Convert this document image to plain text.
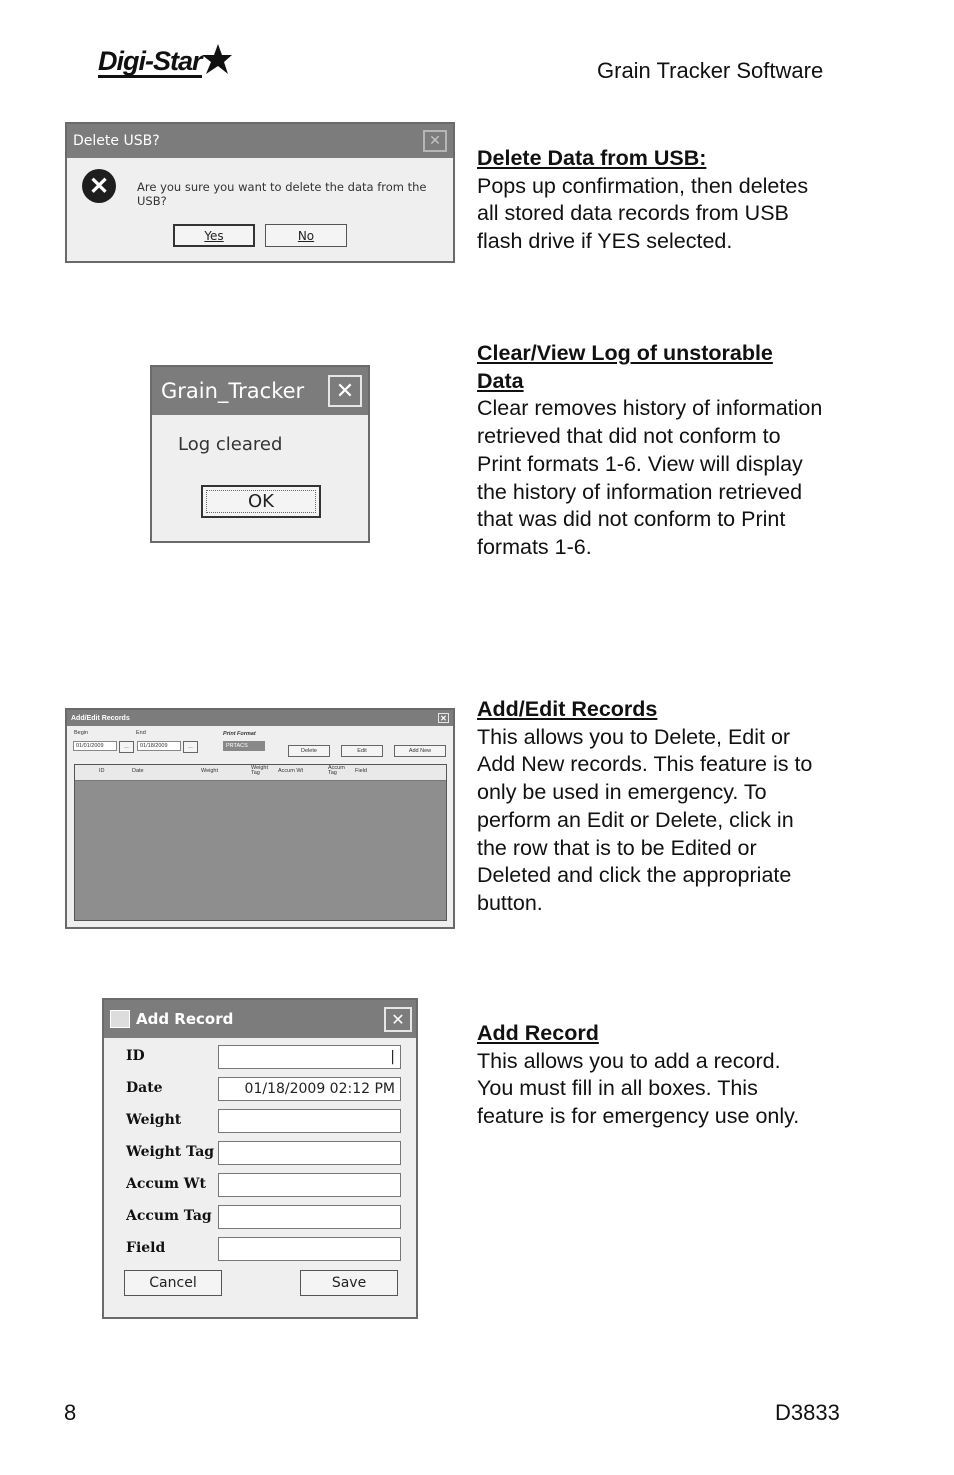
Digi-Star	Grain Tracker Software
Delete USB?	✕
✕	Are you sure you want to delete the data from the USB?
Yes	No
Delete Data from USB:

Pops up confirmation, then deletes
all stored data records from USB
flash drive if YES selected.

Grain_Tracker	✕
Log cleared
OK
Clear/View Log of unstorable
Data

Clear removes history of information
retrieved that did not conform to
Print formats 1-6. View will display
the history of information retrieved
that was did not conform to Print
formats 1-6.

Add/Edit Records	✕
Begin	End	Print Format
01/01/2009	...	01/18/2009	...	PRTACS
Delete	Edit	Add New
ID	Date	Weight	Weight Tag	Accum Wt	Accum Tag	Field
Add/Edit Records

This allows you to Delete, Edit or
Add New records. This feature is to
only be used in emergency. To
perform an Edit or Delete, click in
the row that is to be Edited or
Deleted and click the appropriate
button.

Add Record	✕
ID	|
Date	01/18/2009 02:12 PM
Weight
Weight Tag
Accum Wt
Accum Tag
Field
Cancel	Save
Add Record

This allows you to add a record.
You must fill in all boxes. This
feature is for emergency use only.

8	D3833
